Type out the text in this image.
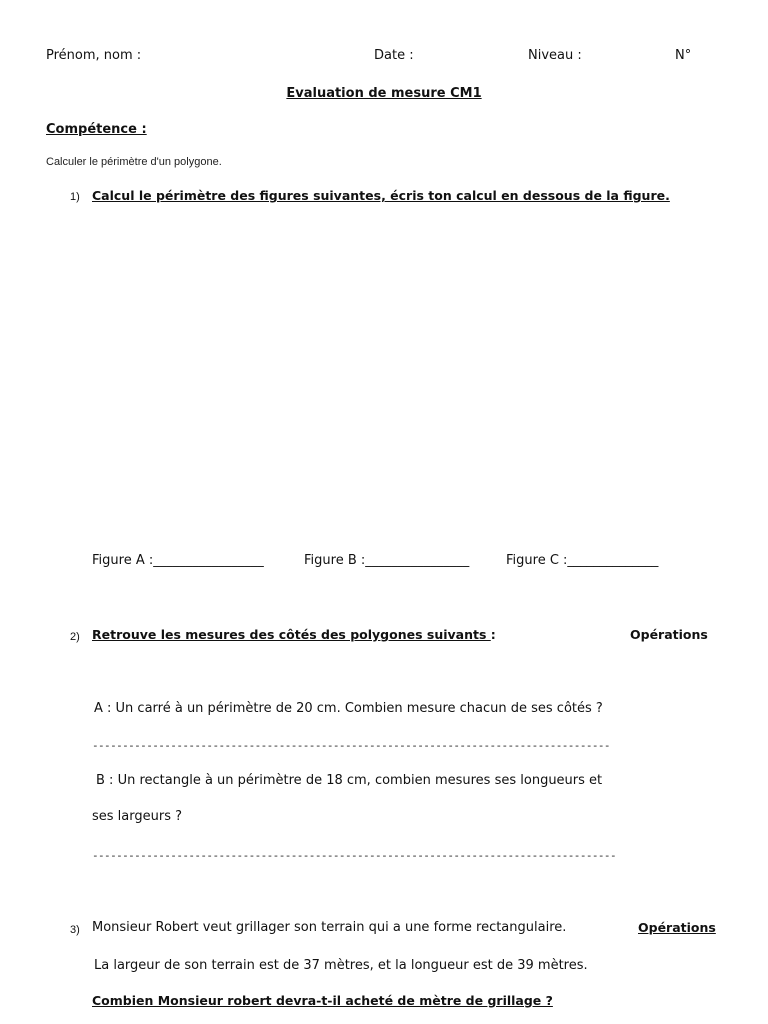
Prénom, nom :	Date :	Niveau :	N°
Evaluation de mesure CM1
Compétence :
Calculer le périmètre d'un polygone.
1) Calcul le périmètre des figures suivantes, écris ton calcul en dessous de la figure.
Figure A :_________________	Figure B :________________	Figure C :______________
2) Retrouve les mesures des côtés des polygones suivants :	Opérations
A : Un carré à un périmètre de 20 cm. Combien mesure chacun de ses côtés ?
--------------------------------------------------------------------------------------
B : Un rectangle à un périmètre de 18 cm, combien mesures ses longueurs et
ses largeurs ?
---------------------------------------------------------------------------------------
3) Monsieur Robert veut grillager son terrain qui a une forme rectangulaire.	Opérations
La largeur de son terrain est de 37 mètres, et la longueur est de 39 mètres.
Combien Monsieur robert devra-t-il acheté de mètre de grillage ?
